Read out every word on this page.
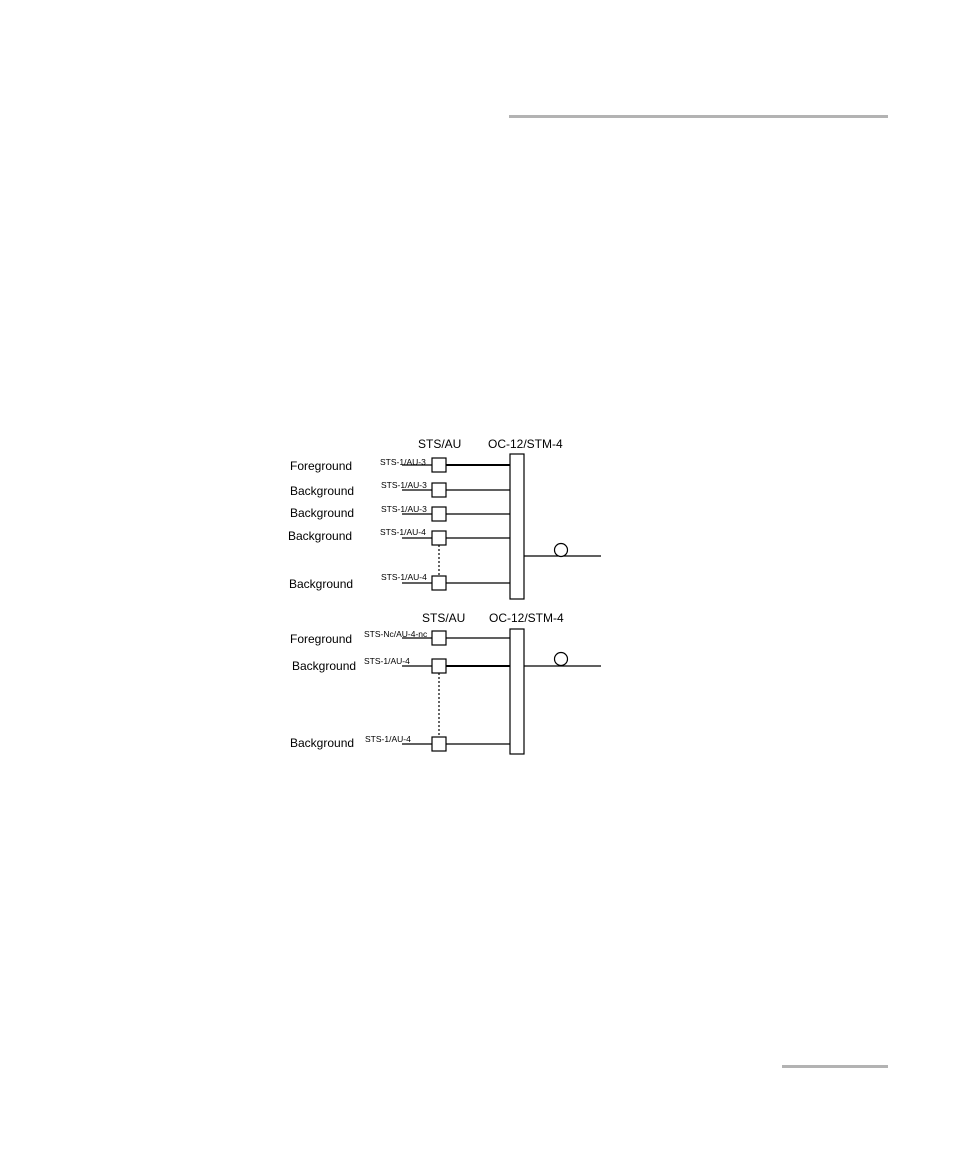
STS/AU OC-12/STM-4
Foreground
Background
Background
Background
Background
STS-1/AU-3
STS-1/AU-3
STS-1/AU-3
STS-1/AU-4
STS-1/AU-4
STS/AU OC-12/STM-4
Foreground
Background
Background
STS-Nc/AU-4-nc
STS-1/AU-4
STS-1/AU-4
